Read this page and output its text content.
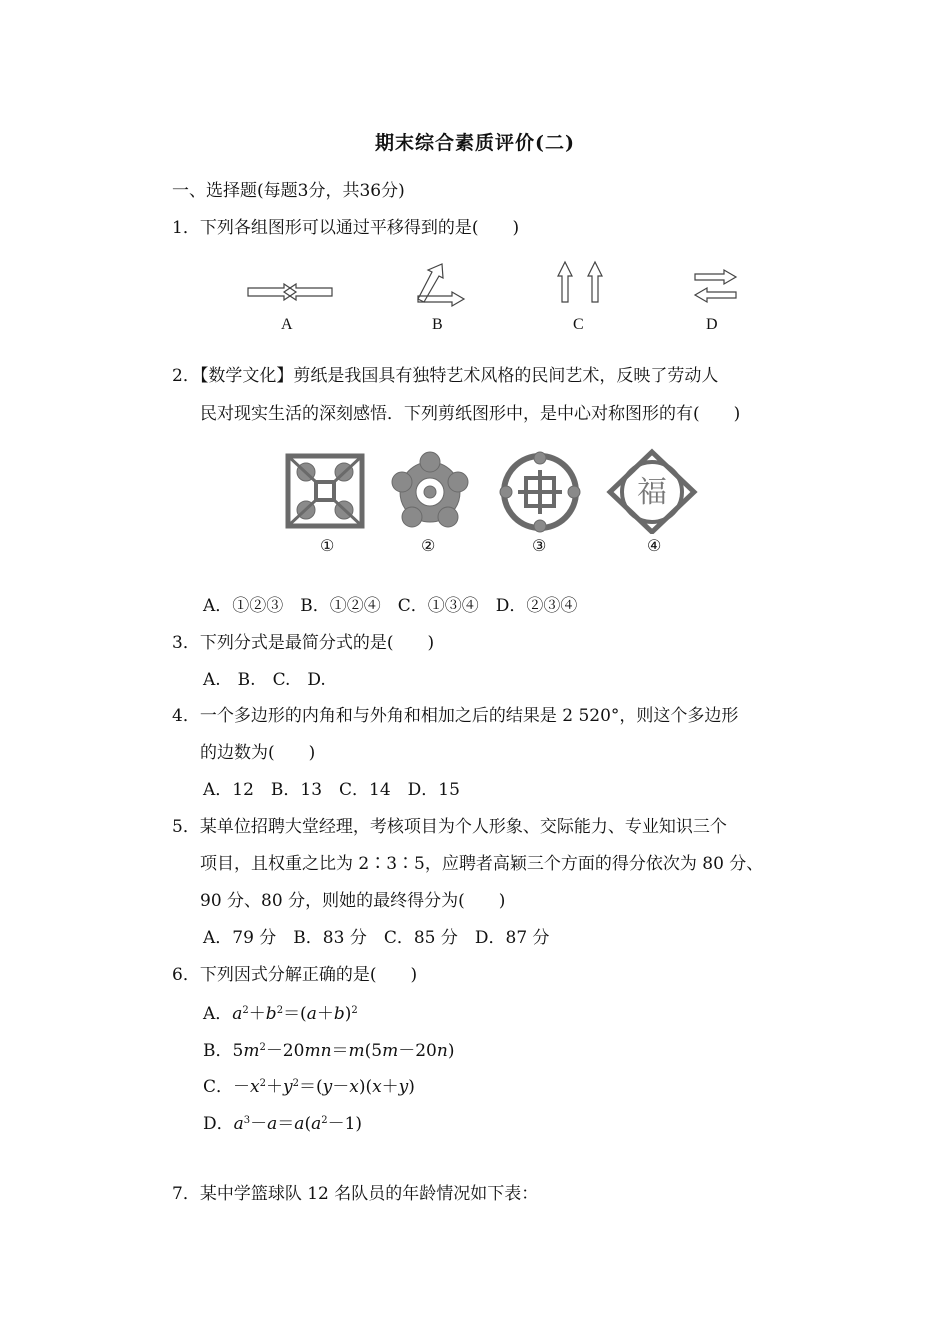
期末综合素质评价(二)
一、选择题(每题3分，共36分)
1．下列各组图形可以通过平移得到的是(　　)
A	B	C	D
2．【数学文化】剪纸是我国具有独特艺术风格的民间艺术，反映了劳动人
民对现实生活的深刻感悟．下列剪纸图形中，是中心对称图形的有(　　)
福
①	②	③	④
A．①②③　B．①②④　C．①③④　D．②③④
3．下列分式是最简分式的是(　　)
A.　B.　C.　D.
4．一个多边形的内角和与外角和相加之后的结果是 2 520°，则这个多边形
的边数为(　　)
A．12　B．13　C．14　D．15
5．某单位招聘大堂经理，考核项目为个人形象、交际能力、专业知识三个
项目，且权重之比为 2∶3∶5，应聘者高颖三个方面的得分依次为 80 分、
90 分、80 分，则她的最终得分为(　　)
A．79 分　B．83 分　C．85 分　D．87 分
6．下列因式分解正确的是(　　)
A．$a^2+b^2=(a+b)^2$
B．$5m^2-20mn=m(5m-20n)$
C．$-x^2+y^2=(y-x)(x+y)$
D．$a^3-a=a(a^2-1)$
7．某中学篮球队 12 名队员的年龄情况如下表：
